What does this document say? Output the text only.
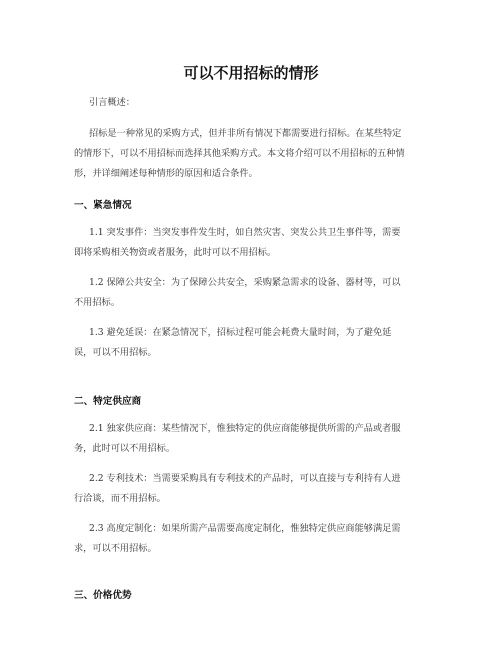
可以不用招标的情形

引言概述：

招标是一种常见的采购方式，但并非所有情况下都需要进行招标。在某些特定
的情形下，可以不用招标而选择其他采购方式。本文将介绍可以不用招标的五种情
形，并详细阐述每种情形的原因和适合条件。

一、紧急情况

1.1 突发事件：当突发事件发生时，如自然灾害、突发公共卫生事件等，需要
即将采购相关物资或者服务，此时可以不用招标。

1.2 保障公共安全：为了保障公共安全，采购紧急需求的设备、器材等，可以
不用招标。

1.3 避免延误：在紧急情况下，招标过程可能会耗费大量时间，为了避免延
误，可以不用招标。

二、特定供应商

2.1 独家供应商：某些情况下，惟独特定的供应商能够提供所需的产品或者服
务，此时可以不用招标。

2.2 专利技术：当需要采购具有专利技术的产品时，可以直接与专利持有人进
行洽谈，而不用招标。

2.3 高度定制化：如果所需产品需要高度定制化，惟独特定供应商能够满足需
求，可以不用招标。

三、价格优势
